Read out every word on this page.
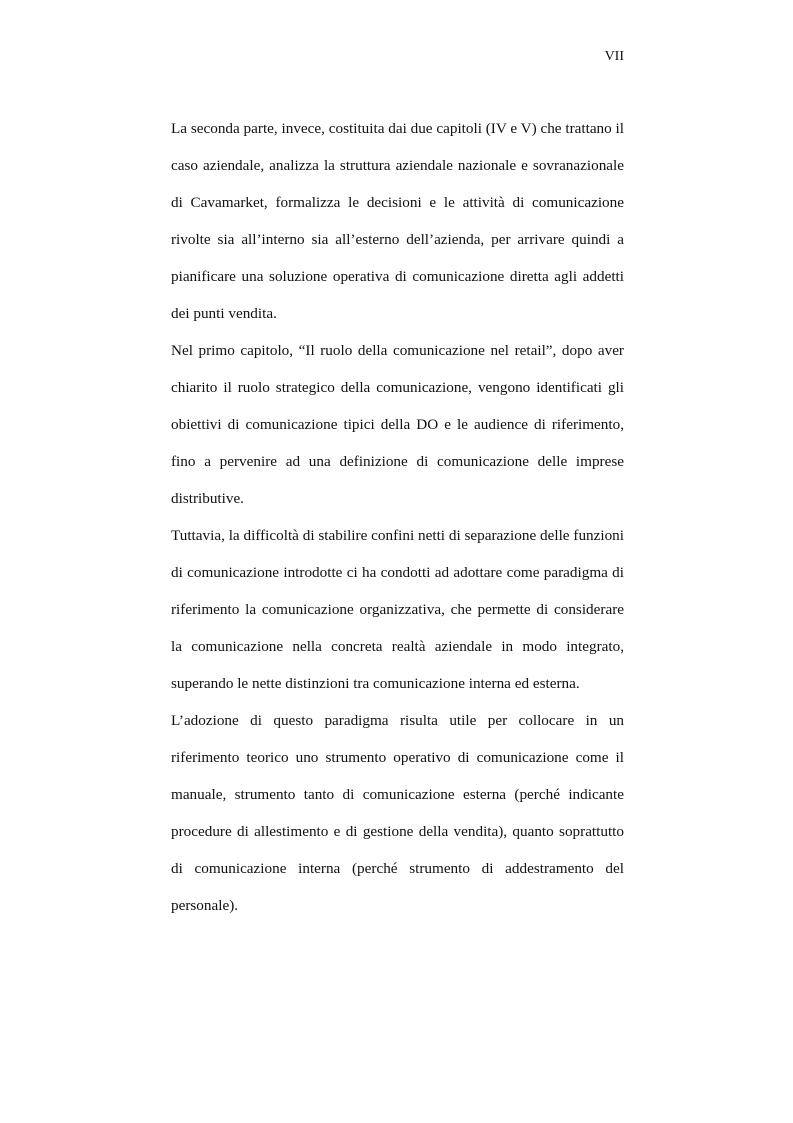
VII

La seconda parte, invece, costituita dai due capitoli (IV e V) che trattano il caso aziendale, analizza la struttura aziendale nazionale e sovranazionale di Cavamarket, formalizza le decisioni e le attività di comunicazione rivolte sia all’interno sia all’esterno dell’azienda, per arrivare quindi a pianificare una soluzione operativa di comunicazione diretta agli addetti dei punti vendita.

Nel primo capitolo, “Il ruolo della comunicazione nel retail”, dopo aver chiarito il ruolo strategico della comunicazione, vengono identificati gli obiettivi di comunicazione tipici della DO e le audience di riferimento, fino a pervenire ad una definizione di comunicazione delle imprese distributive.

Tuttavia, la difficoltà di stabilire confini netti di separazione delle funzioni di comunicazione introdotte ci ha condotti ad adottare come paradigma di riferimento la comunicazione organizzativa, che permette di considerare la comunicazione nella concreta realtà aziendale in modo integrato, superando le nette distinzioni tra comunicazione interna ed esterna.

L’adozione di questo paradigma risulta utile per collocare in un riferimento teorico uno strumento operativo di comunicazione come il manuale, strumento tanto di comunicazione esterna (perché indicante procedure di allestimento e di gestione della vendita), quanto soprattutto di comunicazione interna (perché strumento di addestramento del personale).
